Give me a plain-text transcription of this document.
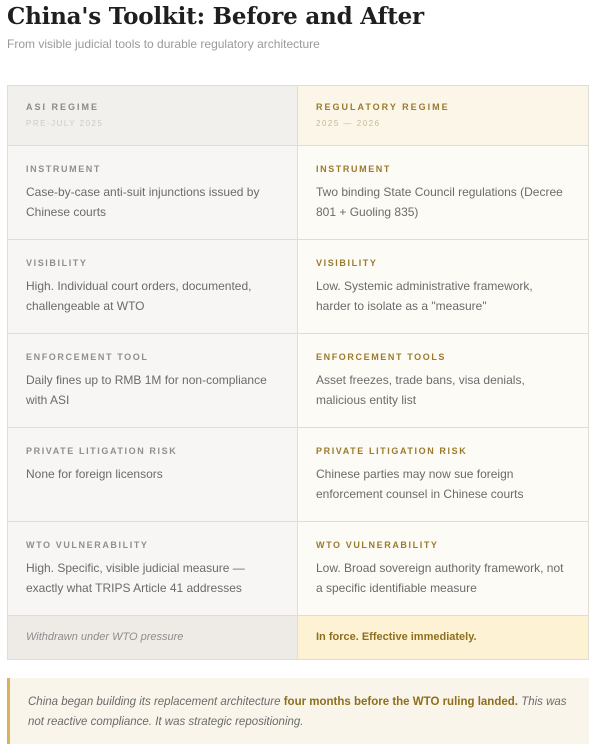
China's Toolkit: Before and After
From visible judicial tools to durable regulatory architecture
ASI REGIME
PRE-JULY 2025
REGULATORY REGIME
2025 — 2026
INSTRUMENT
Case-by-case anti-suit injunctions issued by Chinese courts
INSTRUMENT
Two binding State Council regulations (Decree 801 + Guoling 835)
VISIBILITY
High. Individual court orders, documented, challengeable at WTO
VISIBILITY
Low. Systemic administrative framework, harder to isolate as a "measure"
ENFORCEMENT TOOL
Daily fines up to RMB 1M for non-compliance with ASI
ENFORCEMENT TOOLS
Asset freezes, trade bans, visa denials, malicious entity list
PRIVATE LITIGATION RISK
None for foreign licensors
PRIVATE LITIGATION RISK
Chinese parties may now sue foreign enforcement counsel in Chinese courts
WTO VULNERABILITY
High. Specific, visible judicial measure — exactly what TRIPS Article 41 addresses
WTO VULNERABILITY
Low. Broad sovereign authority framework, not a specific identifiable measure
Withdrawn under WTO pressure	In force. Effective immediately.
China began building its replacement architecture four months before the WTO ruling landed. This was not reactive compliance. It was strategic repositioning.
